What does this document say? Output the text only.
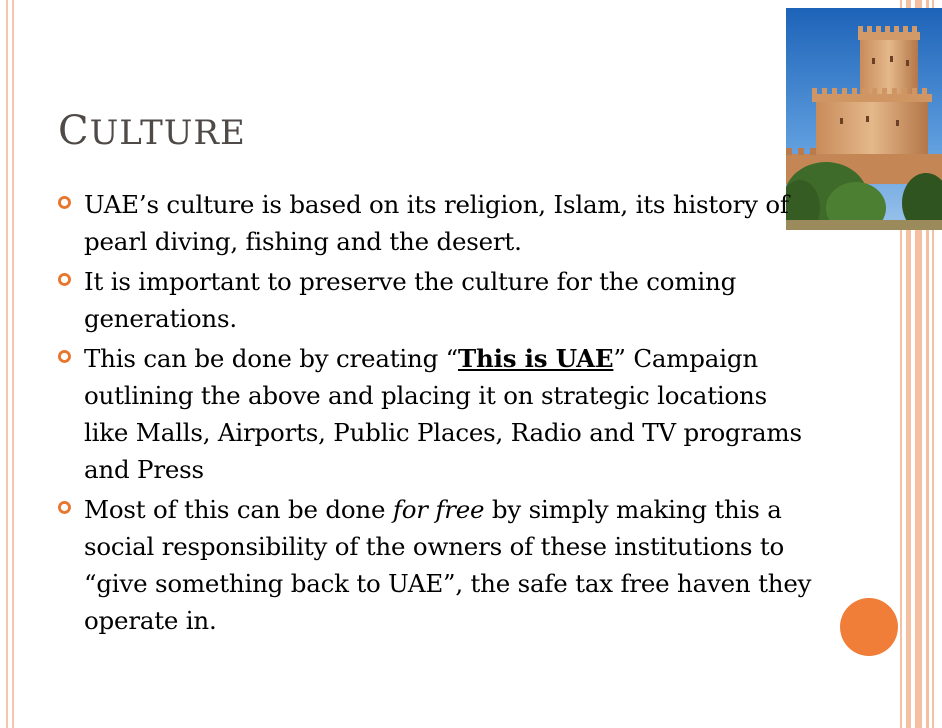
CULTURE
UAE’s culture is based on its religion, Islam, its history of pearl diving, fishing and the desert.
It is important to preserve the culture for the coming generations.
This can be done by creating “This is UAE” Campaign outlining the above and placing it on strategic locations like Malls, Airports, Public Places, Radio and TV programs and Press
Most of this can be done for free by simply making this a social responsibility of the owners of these institutions to “give something back to UAE”, the safe tax free haven they operate in.
